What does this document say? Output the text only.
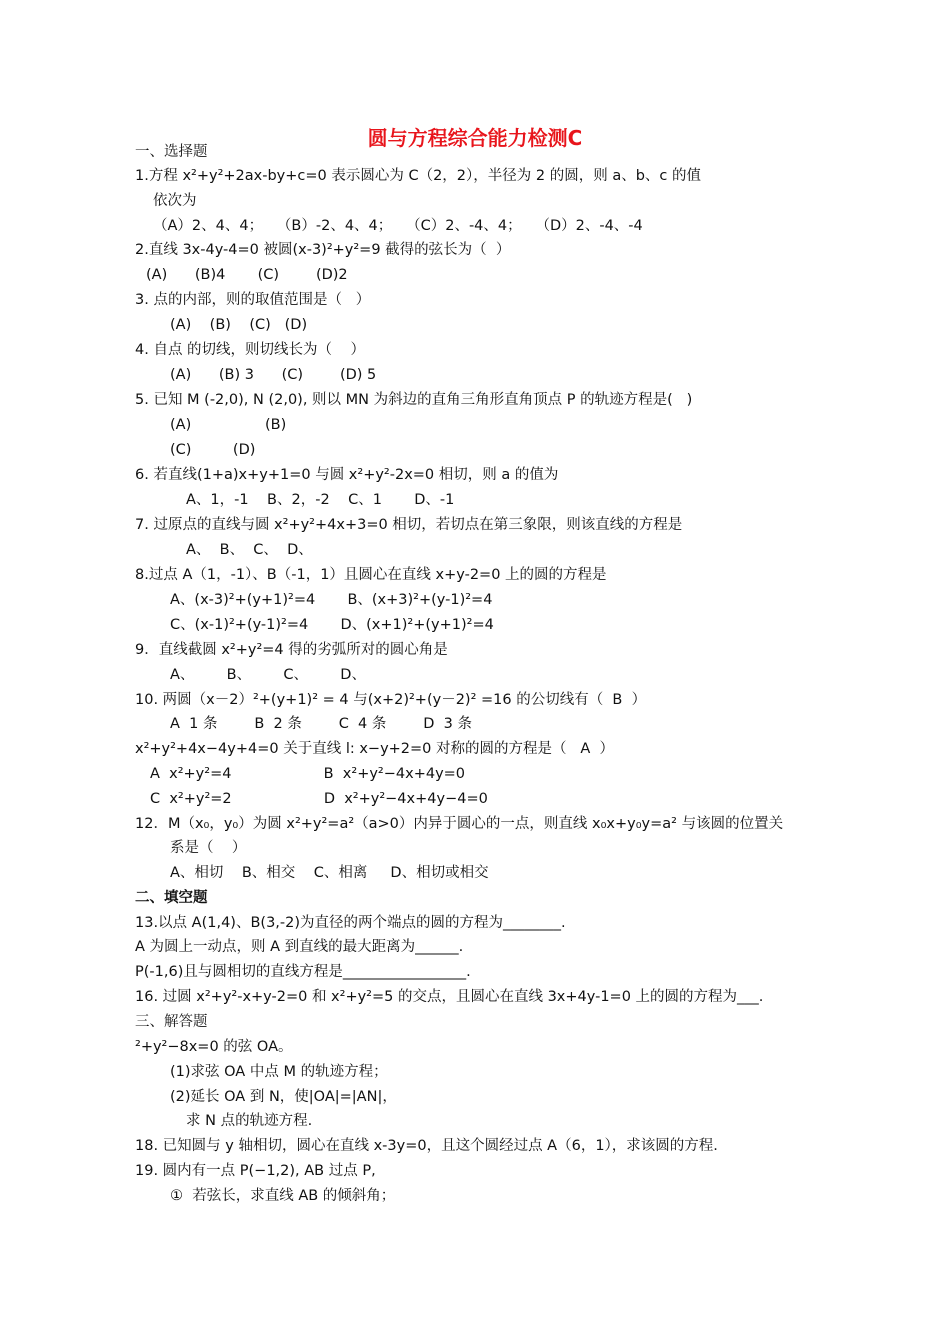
圆与方程综合能力检测C
一、选择题
1.方程 x²+y²+2ax-by+c=0 表示圆心为 C（2，2），半径为 2 的圆，则 a、b、c 的值
依次为
（A）2、4、4；   （B）-2、4、4；   （C）2、-4、4；   （D）2、-4、-4
2.直线 3x-4y-4=0 被圆(x-3)²+y²=9 截得的弦长为（  ）
(A)      (B)4       (C)        (D)2
3. 点的内部，则的取值范围是（   ）
(A)    (B)    (C)   (D)
4. 自点 的切线，则切线长为（    ）
(A)      (B) 3      (C)        (D) 5
5. 已知 M (-2,0), N (2,0), 则以 MN 为斜边的直角三角形直角顶点 P 的轨迹方程是(   )
(A)                (B)
(C)         (D)
6. 若直线(1+a)x+y+1=0 与圆 x²+y²-2x=0 相切，则 a 的值为
A、1，-1    B、2，-2    C、1       D、-1
7. 过原点的直线与圆 x²+y²+4x+3=0 相切，若切点在第三象限，则该直线的方程是
A、  B、  C、  D、
8.过点 A（1，-1）、B（-1，1）且圆心在直线 x+y-2=0 上的圆的方程是
A、(x-3)²+(y+1)²=4       B、(x+3)²+(y-1)²=4
C、(x-1)²+(y-1)²=4       D、(x+1)²+(y+1)²=4
9．直线截圆 x²+y²=4 得的劣弧所对的圆心角是
A、       B、       C、       D、
10. 两圆（x－2）²+(y+1)² = 4 与(x+2)²+(y－2)² =16 的公切线有（  B  ）
A  1 条        B  2 条        C  4 条        D  3 条
x²+y²+4x−4y+4=0 关于直线 l: x−y+2=0 对称的圆的方程是（   A  ）
A  x²+y²=4                    B  x²+y²−4x+4y=0
C  x²+y²=2                    D  x²+y²−4x+4y−4=0
12．M（x₀，y₀）为圆 x²+y²=a²（a>0）内异于圆心的一点，则直线 x₀x+y₀y=a² 与该圆的位置关
系是（    ）
A、相切    B、相交    C、相离     D、相切或相交
二、填空题
13.以点 A(1,4)、B(3,-2)为直径的两个端点的圆的方程为________.
A 为圆上一动点，则 A 到直线的最大距离为______.
P(-1,6)且与圆相切的直线方程是_________________.
16. 过圆 x²+y²-x+y-2=0 和 x²+y²=5 的交点，且圆心在直线 3x+4y-1=0 上的圆的方程为___.
三、解答题
²+y²−8x=0 的弦 OA。
(1)求弦 OA 中点 M 的轨迹方程；
(2)延长 OA 到 N，使|OA|=|AN|，
求 N 点的轨迹方程.
18. 已知圆与 y 轴相切，圆心在直线 x-3y=0，且这个圆经过点 A（6，1），求该圆的方程.
19. 圆内有一点 P(−1,2), AB 过点 P,
①  若弦长，求直线 AB 的倾斜角；
